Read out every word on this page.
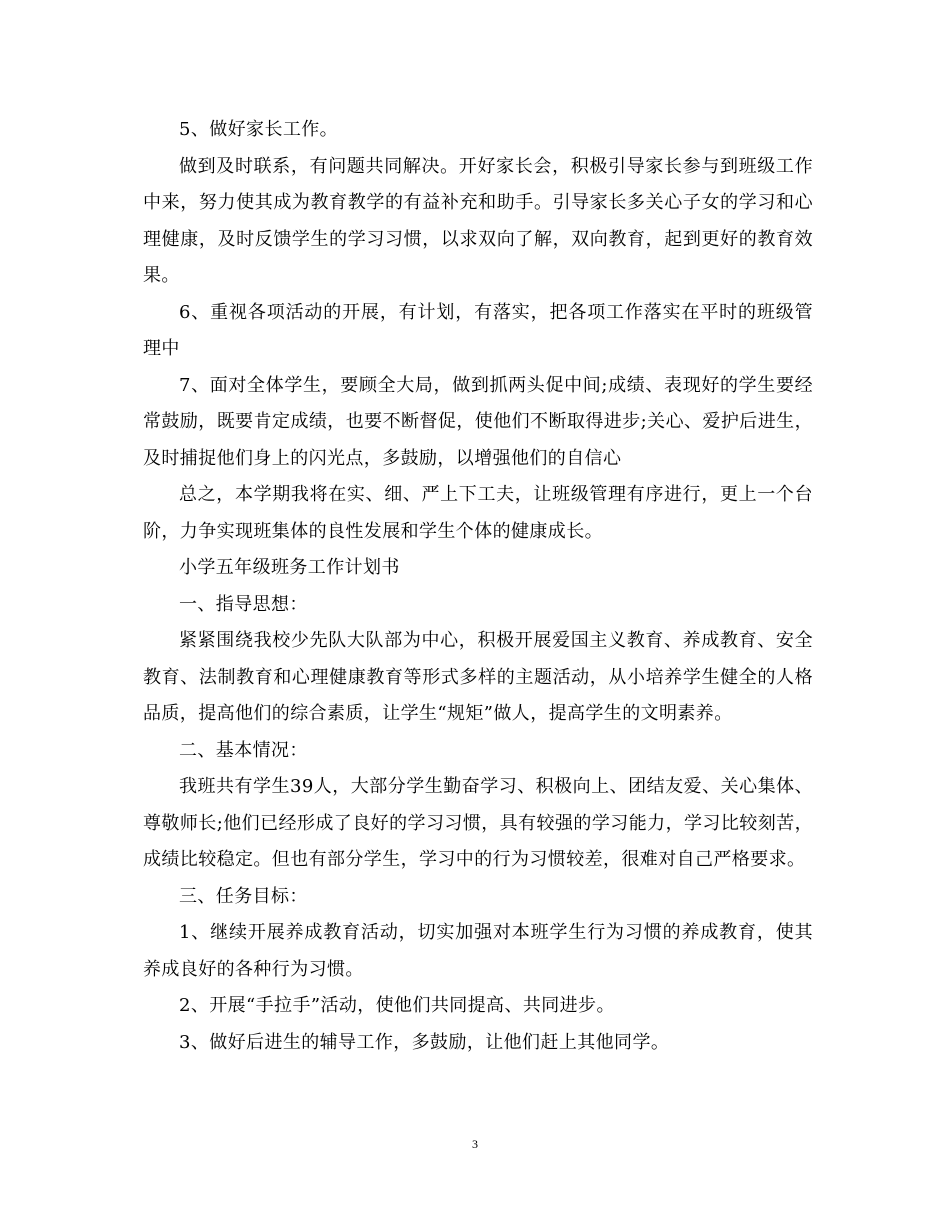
5、做好家长工作。

做到及时联系，有问题共同解决。开好家长会，积极引导家长参与到班级工作中来，努力使其成为教育教学的有益补充和助手。引导家长多关心子女的学习和心理健康，及时反馈学生的学习习惯，以求双向了解，双向教育，起到更好的教育效果。

6、重视各项活动的开展，有计划，有落实，把各项工作落实在平时的班级管理中

7、面对全体学生，要顾全大局，做到抓两头促中间;成绩、表现好的学生要经常鼓励，既要肯定成绩，也要不断督促，使他们不断取得进步;关心、爱护后进生，及时捕捉他们身上的闪光点，多鼓励，以增强他们的自信心

总之，本学期我将在实、细、严上下工夫，让班级管理有序进行，更上一个台阶，力争实现班集体的良性发展和学生个体的健康成长。

小学五年级班务工作计划书

一、指导思想：

紧紧围绕我校少先队大队部为中心，积极开展爱国主义教育、养成教育、安全教育、法制教育和心理健康教育等形式多样的主题活动，从小培养学生健全的人格品质，提高他们的综合素质，让学生“规矩”做人，提高学生的文明素养。

二、基本情况：

我班共有学生39人，大部分学生勤奋学习、积极向上、团结友爱、关心集体、尊敬师长;他们已经形成了良好的学习习惯，具有较强的学习能力，学习比较刻苦，成绩比较稳定。但也有部分学生，学习中的行为习惯较差，很难对自己严格要求。

三、任务目标：

1、继续开展养成教育活动，切实加强对本班学生行为习惯的养成教育，使其养成良好的各种行为习惯。

2、开展“手拉手”活动，使他们共同提高、共同进步。

3、做好后进生的辅导工作，多鼓励，让他们赶上其他同学。

3
